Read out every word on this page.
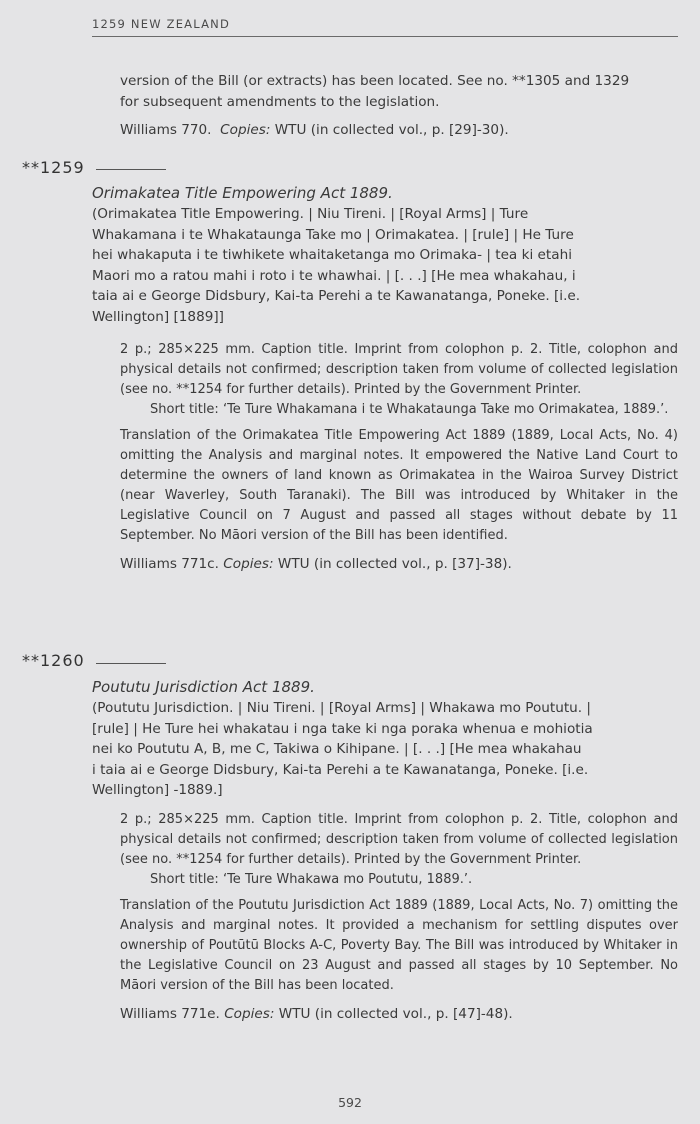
1259 NEW ZEALAND

version of the Bill (or extracts) has been located. See no. **1305 and 1329

for subsequent amendments to the legislation.

Williams 770. Copies: WTU (in collected vol., p. [29]-30).

**1259

Orimakatea Title Empowering Act 1889.

(Orimakatea Title Empowering. | Niu Tireni. | [Royal Arms] | Ture

Whakamana i te Whakataunga Take mo | Orimakatea. | [rule] | He Ture

hei whakaputa i te tiwhikete whaitaketanga mo Orimaka- | tea ki etahi

Maori mo a ratou mahi i roto i te whawhai. | [. . .] [He mea whakahau, i

taia ai e George Didsbury, Kai-ta Perehi a te Kawanatanga, Poneke. [i.e.

Wellington] [1889]]

2 p.; 285×225 mm. Caption title. Imprint from colophon p. 2. Title, colophon and physical details not confirmed; description taken from volume of collected legislation (see no. **1254 for further details). Printed by the Government Printer.

Short title: ‘Te Ture Whakamana i te Whakataunga Take mo Orimakatea, 1889.’.

Translation of the Orimakatea Title Empowering Act 1889 (1889, Local Acts, No. 4) omitting the Analysis and marginal notes. It empowered the Native Land Court to determine the owners of land known as Orimakatea in the Wairoa Survey District (near Waverley, South Taranaki). The Bill was introduced by Whitaker in the Legislative Council on 7 August and passed all stages without debate by 11 September. No Māori version of the Bill has been identified.

Williams 771c. Copies: WTU (in collected vol., p. [37]-38).

**1260

Poututu Jurisdiction Act 1889.

(Poututu Jurisdiction. | Niu Tireni. | [Royal Arms] | Whakawa mo Poututu. |

[rule] | He Ture hei whakatau i nga take ki nga poraka whenua e mohiotia

nei ko Poututu A, B, me C, Takiwa o Kihipane. | [. . .] [He mea whakahau

i taia ai e George Didsbury, Kai-ta Perehi a te Kawanatanga, Poneke. [i.e.

Wellington] -1889.]

2 p.; 285×225 mm. Caption title. Imprint from colophon p. 2. Title, colophon and physical details not confirmed; description taken from volume of collected legislation (see no. **1254 for further details). Printed by the Government Printer.

Short title: ‘Te Ture Whakawa mo Poututu, 1889.’.

Translation of the Poututu Jurisdiction Act 1889 (1889, Local Acts, No. 7) omitting the Analysis and marginal notes. It provided a mechanism for settling disputes over ownership of Poutūtū Blocks A-C, Poverty Bay. The Bill was introduced by Whitaker in the Legislative Council on 23 August and passed all stages by 10 September. No Māori version of the Bill has been located.

Williams 771e. Copies: WTU (in collected vol., p. [47]-48).

592
